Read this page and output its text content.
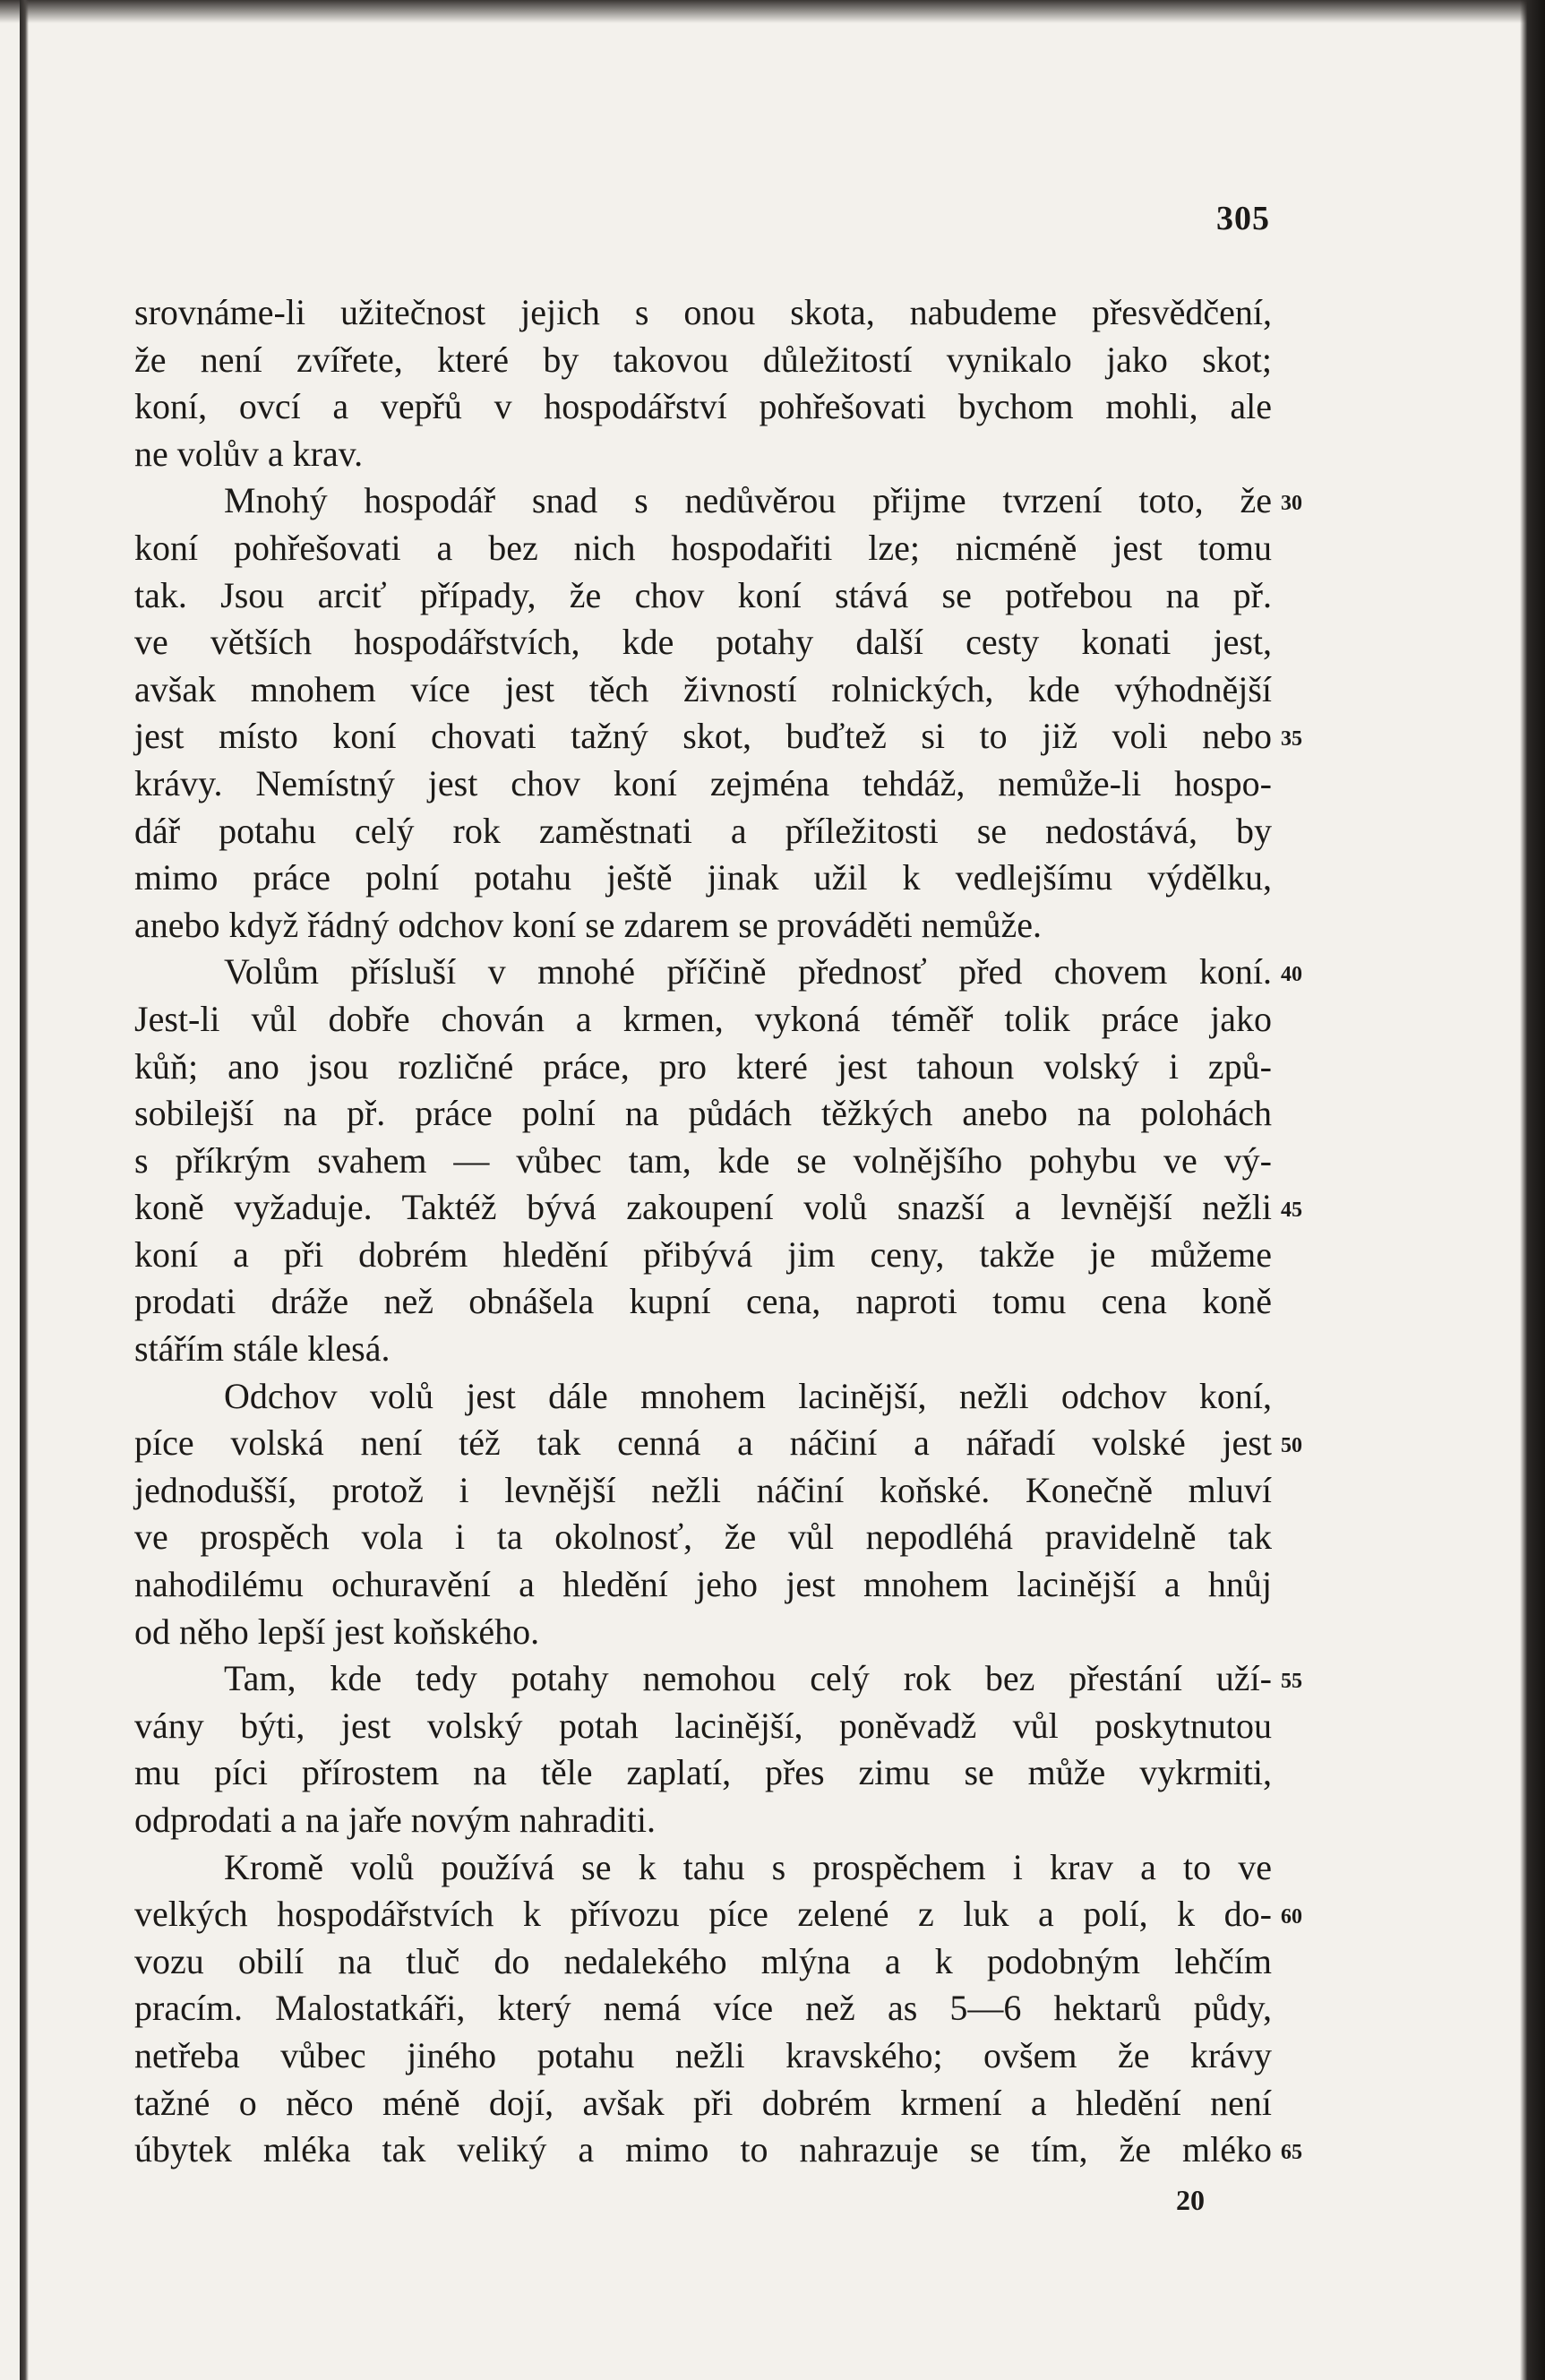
305
srovnáme-li užitečnost jejich s onou skota, nabudeme přesvědčení,
že není zvířete, které by takovou důležitostí vynikalo jako skot;
koní, ovcí a vepřů v hospodářství pohřešovati bychom mohli, ale
ne volův a krav.
Mnohý hospodář snad s nedůvěrou přijme tvrzení toto, že 30
koní pohřešovati a bez nich hospodařiti lze; nicméně jest tomu
tak. Jsou arciť případy, že chov koní stává se potřebou na př.
ve větších hospodářstvích, kde potahy další cesty konati jest,
avšak mnohem více jest těch živností rolnických, kde výhodnější
jest místo koní chovati tažný skot, buďtež si to již voli nebo 35
krávy. Nemístný jest chov koní zejména tehdáž, nemůže-li hospo-
dář potahu celý rok zaměstnati a příležitosti se nedostává, by
mimo práce polní potahu ještě jinak užil k vedlejšímu výdělku,
anebo když řádný odchov koní se zdarem se prováděti nemůže.
Volům přísluší v mnohé příčině přednosť před chovem koní. 40
Jest-li vůl dobře chován a krmen, vykoná téměř tolik práce jako
kůň; ano jsou rozličné práce, pro které jest tahoun volský i způ-
sobilejší na př. práce polní na půdách těžkých anebo na polohách
s příkrým svahem — vůbec tam, kde se volnějšího pohybu ve vý-
koně vyžaduje. Taktéž bývá zakoupení volů snazší a levnější nežli 45
koní a při dobrém hledění přibývá jim ceny, takže je můžeme
prodati dráže než obnášela kupní cena, naproti tomu cena koně
stářím stále klesá.
Odchov volů jest dále mnohem lacinější, nežli odchov koní,
píce volská není též tak cenná a náčiní a nářadí volské jest 50
jednodušší, protož i levnější nežli náčiní koňské. Konečně mluví
ve prospěch vola i ta okolnosť, že vůl nepodléhá pravidelně tak
nahodilému ochuravění a hledění jeho jest mnohem lacinější a hnůj
od něho lepší jest koňského.
Tam, kde tedy potahy nemohou celý rok bez přestání uží- 55
vány býti, jest volský potah lacinější, poněvadž vůl poskytnutou
mu píci přírostem na těle zaplatí, přes zimu se může vykrmiti,
odprodati a na jaře novým nahraditi.
Kromě volů používá se k tahu s prospěchem i krav a to ve
velkých hospodářstvích k přívozu píce zelené z luk a polí, k do- 60
vozu obilí na tluč do nedalekého mlýna a k podobným lehčím
pracím. Malostatkáři, který nemá více než as 5—6 hektarů půdy,
netřeba vůbec jiného potahu nežli kravského; ovšem že krávy
tažné o něco méně dojí, avšak při dobrém krmení a hledění není
úbytek mléka tak veliký a mimo to nahrazuje se tím, že mléko 65
20
